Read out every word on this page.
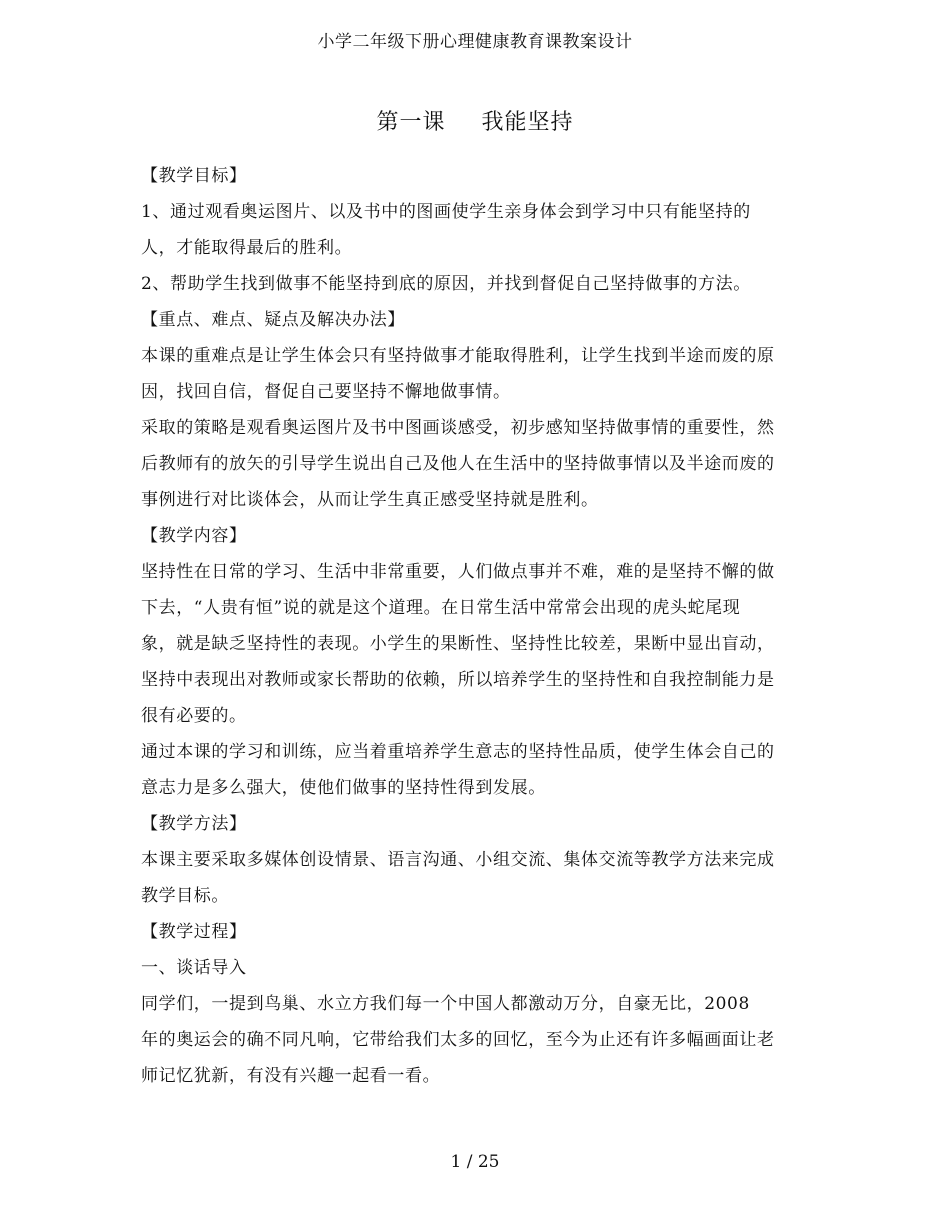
小学二年级下册心理健康教育课教案设计
第一课 我能坚持

【教学目标】

1、通过观看奥运图片、以及书中的图画使学生亲身体会到学习中只有能坚持的
人，才能取得最后的胜利。

2、帮助学生找到做事不能坚持到底的原因，并找到督促自己坚持做事的方法。

【重点、难点、疑点及解决办法】

本课的重难点是让学生体会只有坚持做事才能取得胜利，让学生找到半途而废的原
因，找回自信，督促自己要坚持不懈地做事情。

采取的策略是观看奥运图片及书中图画谈感受，初步感知坚持做事情的重要性，然
后教师有的放矢的引导学生说出自己及他人在生活中的坚持做事情以及半途而废的
事例进行对比谈体会，从而让学生真正感受坚持就是胜利。

【教学内容】

坚持性在日常的学习、生活中非常重要，人们做点事并不难，难的是坚持不懈的做
下去，“人贵有恒”说的就是这个道理。在日常生活中常常会出现的虎头蛇尾现
象，就是缺乏坚持性的表现。小学生的果断性、坚持性比较差，果断中显出盲动，
坚持中表现出对教师或家长帮助的依赖，所以培养学生的坚持性和自我控制能力是
很有必要的。

通过本课的学习和训练，应当着重培养学生意志的坚持性品质，使学生体会自己的
意志力是多么强大，使他们做事的坚持性得到发展。

【教学方法】

本课主要采取多媒体创设情景、语言沟通、小组交流、集体交流等教学方法来完成
教学目标。

【教学过程】

一、谈话导入

同学们，一提到鸟巢、水立方我们每一个中国人都激动万分，自豪无比，2008
年的奥运会的确不同凡响，它带给我们太多的回忆，至今为止还有许多幅画面让老
师记忆犹新，有没有兴趣一起看一看。

1 / 25
